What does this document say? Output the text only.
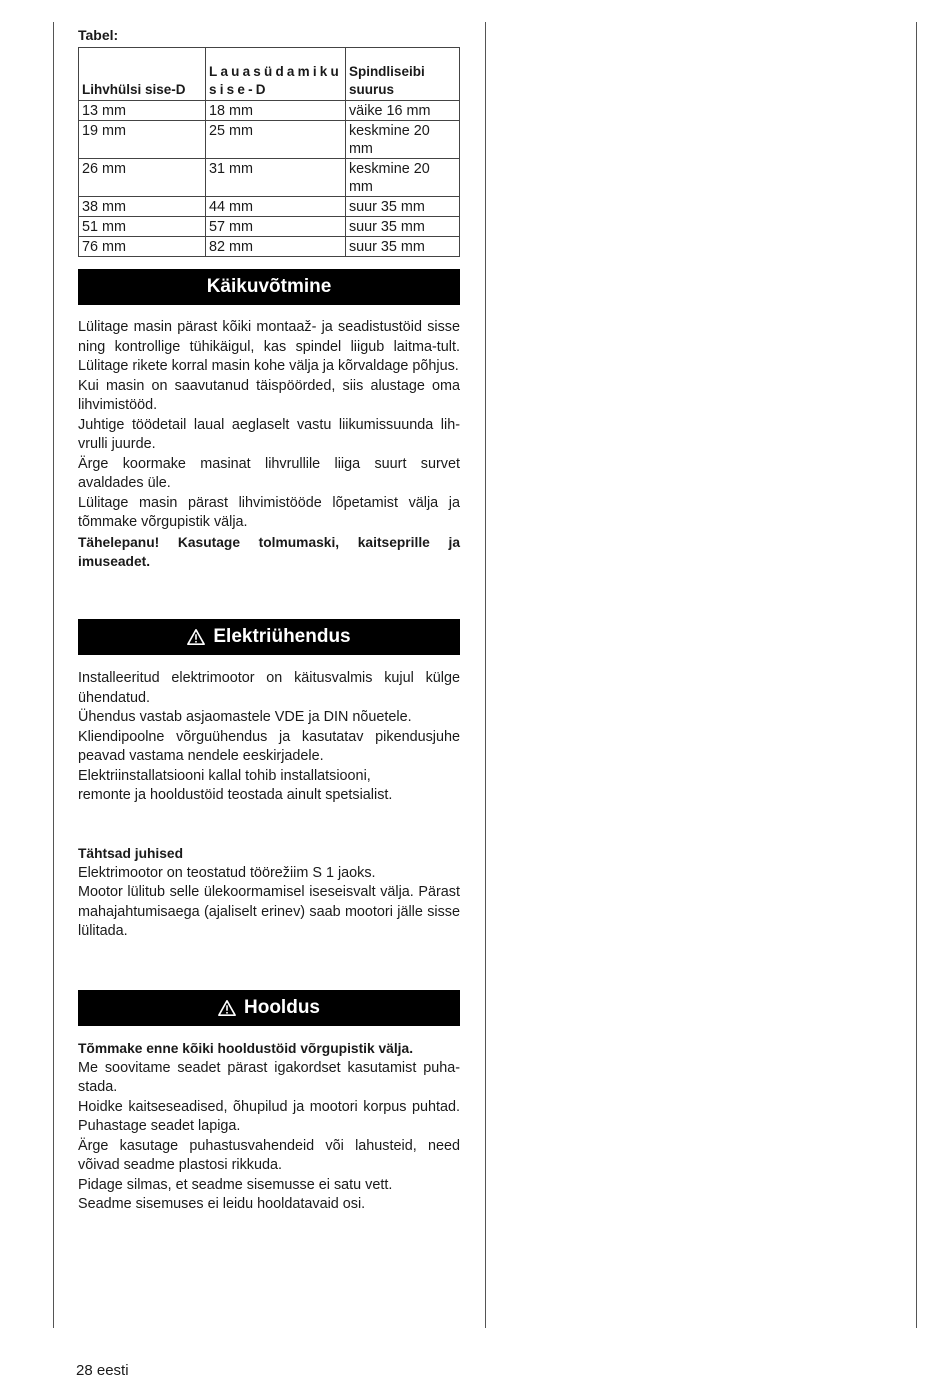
Tabel:
Lihvhülsi sise-D	Lauasüdamiku sise-D	Spindliseibi suurus
13 mm	18 mm	väike 16 mm
19 mm	25 mm	keskmine 20 mm
26 mm	31 mm	keskmine 20 mm
38 mm	44 mm	suur 35 mm
51 mm	57 mm	suur 35 mm
76 mm	82 mm	suur 35 mm
Käikuvõtmine

Lülitage masin pärast kõiki montaaž- ja seadistustöid sisse ning kontrollige tühikäigul, kas spindel liigub laitma-tult. Lülitage rikete korral masin kohe välja ja kõrvaldage põhjus.

Kui masin on saavutanud täispöörded, siis alustage oma lihvimistööd.

Juhtige töödetail laual aeglaselt vastu liikumissuunda lih-vrulli juurde.

Ärge koormake masinat lihvrullile liiga suurt survet avaldades üle.

Lülitage masin pärast lihvimistööde lõpetamist välja ja tõmmake võrgupistik välja.

Tähelepanu! Kasutage tolmumaski, kaitseprille ja imuseadet.

Elektriühendus

Installeeritud elektrimootor on käitusvalmis kujul külge ühendatud.

Ühendus vastab asjaomastele VDE ja DIN nõuetele.

Kliendipoolne võrguühendus ja kasutatav pikendusjuhe peavad vastama nendele eeskirjadele.

Elektriinstallatsiooni kallal tohib installatsiooni,

remonte ja hooldustöid teostada ainult spetsialist.

Tähtsad juhised

Elektrimootor on teostatud töörežiim S 1 jaoks.

Mootor lülitub selle ülekoormamisel iseseisvalt välja. Pärast mahajahtumisaega (ajaliselt erinev) saab mootori jälle sisse lülitada.

Hooldus

Tõmmake enne kõiki hooldustöid võrgupistik välja.

Me soovitame seadet pärast igakordset kasutamist puha-stada.

Hoidke kaitseseadised, õhupilud ja mootori korpus puhtad. Puhastage seadet lapiga.

Ärge kasutage puhastusvahendeid või lahusteid, need võivad seadme plastosi rikkuda.

Pidage silmas, et seadme sisemusse ei satu vett.

Seadme sisemuses ei leidu hooldatavaid osi.

28 eesti
